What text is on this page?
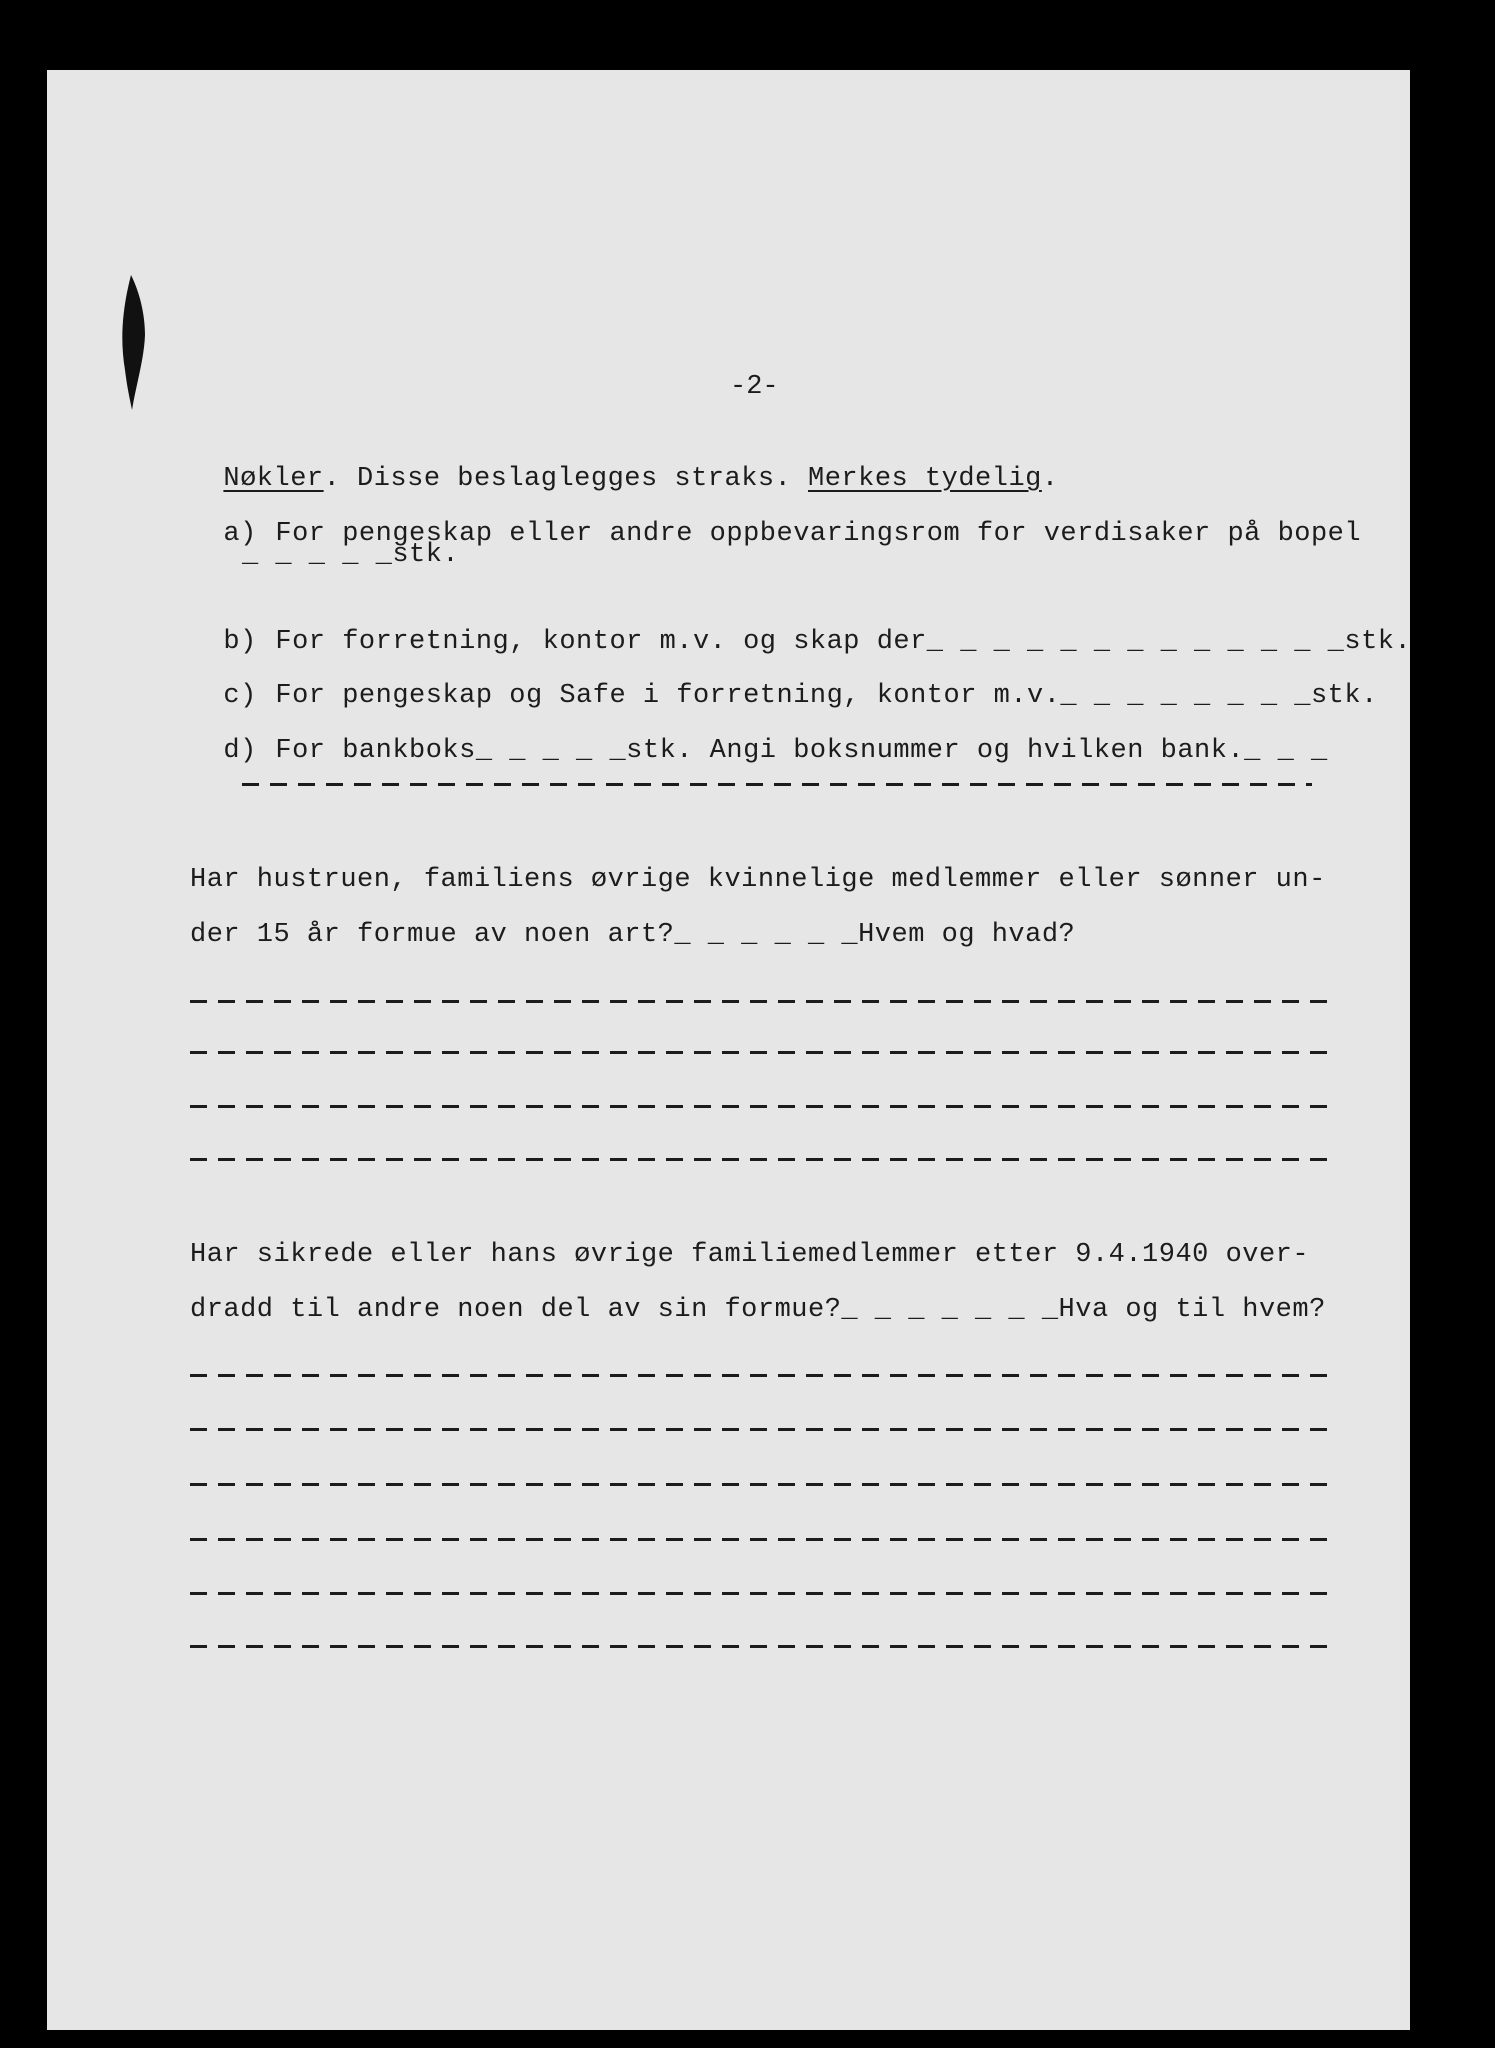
-2-

Nøkler. Disse beslaglegges straks. Merkes tydelig.

a) For pengeskap eller andre oppbevaringsrom for verdisaker på bopel

_ _ _ _ _stk.

b) For forretning, kontor m.v. og skap der_ _ _ _ _ _ _ _ _ _ _ _ _stk.

c) For pengeskap og Safe i forretning, kontor m.v._ _ _ _ _ _ _ _stk.

d) For bankboks_ _ _ _ _stk. Angi boksnummer og hvilken bank._ _ _

Har hustruen, familiens øvrige kvinnelige medlemmer eller sønner un-
der 15 år formue av noen art?_ _ _ _ _ _Hvem og hvad?
Har sikrede eller hans øvrige familiemedlemmer etter 9.4.1940 over-
dradd til andre noen del av sin formue?_ _ _ _ _ _ _Hva og til hvem?
